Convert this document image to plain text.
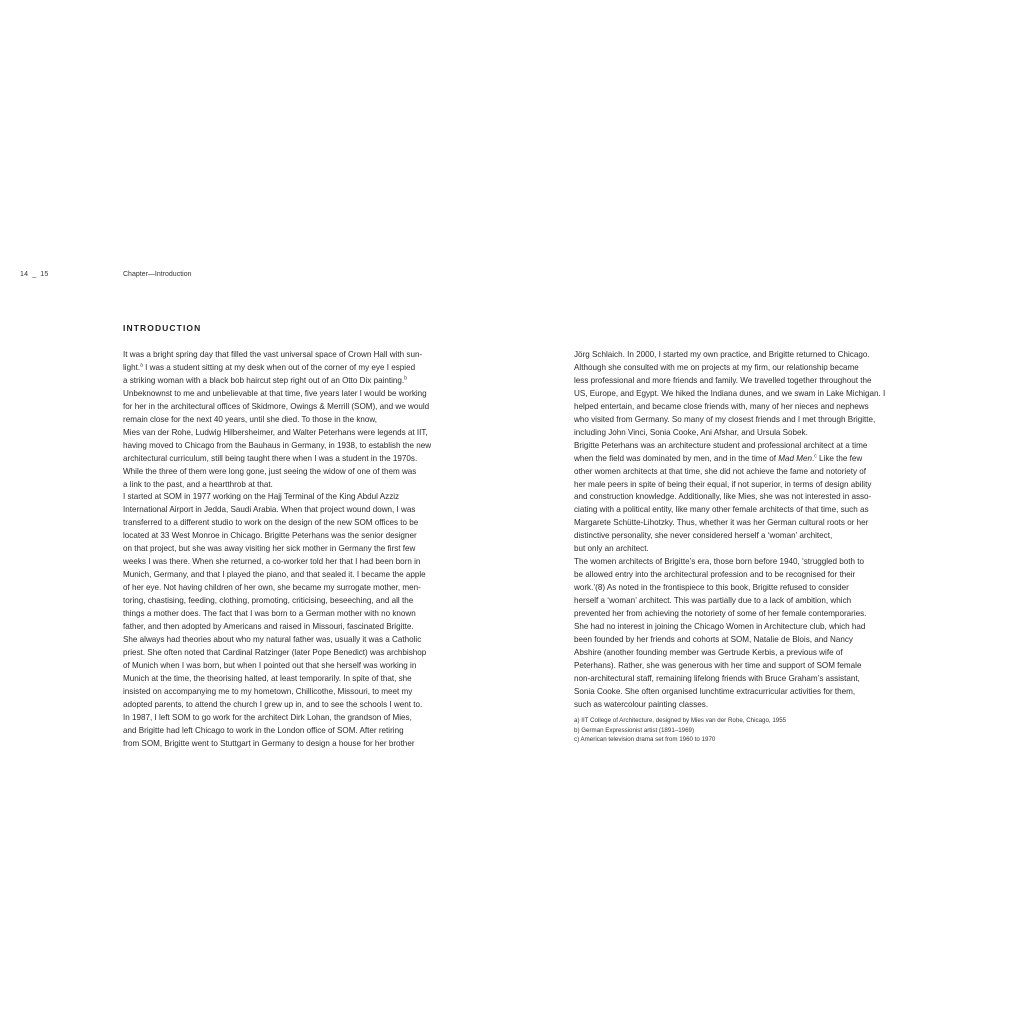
14 _ 15	Chapter—Introduction
INTRODUCTION
It was a bright spring day that filled the vast universal space of Crown Hall with sun-
light.$^a$ I was a student sitting at my desk when out of the corner of my eye I espied
a striking woman with a black bob haircut step right out of an Otto Dix painting.$^b$
Unbeknownst to me and unbelievable at that time, five years later I would be working
for her in the architectural offices of Skidmore, Owings & Merrill (SOM), and we would
remain close for the next 40 years, until she died. To those in the know,
Mies van der Rohe, Ludwig Hilbersheimer, and Walter Peterhans were legends at IIT,
having moved to Chicago from the Bauhaus in Germany, in 1938, to establish the new
architectural curriculum, still being taught there when I was a student in the 1970s.
While the three of them were long gone, just seeing the widow of one of them was
a link to the past, and a heartthrob at that.
I started at SOM in 1977 working on the Hajj Terminal of the King Abdul Azziz
International Airport in Jedda, Saudi Arabia. When that project wound down, I was
transferred to a different studio to work on the design of the new SOM offices to be
located at 33 West Monroe in Chicago. Brigitte Peterhans was the senior designer
on that project, but she was away visiting her sick mother in Germany the first few
weeks I was there. When she returned, a co-worker told her that I had been born in
Munich, Germany, and that I played the piano, and that sealed it. I became the apple
of her eye. Not having children of her own, she became my surrogate mother, men-
toring, chastising, feeding, clothing, promoting, criticising, beseeching, and all the
things a mother does. The fact that I was born to a German mother with no known
father, and then adopted by Americans and raised in Missouri, fascinated Brigitte.
She always had theories about who my natural father was, usually it was a Catholic
priest. She often noted that Cardinal Ratzinger (later Pope Benedict) was archbishop
of Munich when I was born, but when I pointed out that she herself was working in
Munich at the time, the theorising halted, at least temporarily. In spite of that, she
insisted on accompanying me to my hometown, Chillicothe, Missouri, to meet my
adopted parents, to attend the church I grew up in, and to see the schools I went to.
In 1987, I left SOM to go work for the architect Dirk Lohan, the grandson of Mies,
and Brigitte had left Chicago to work in the London office of SOM. After retiring
from SOM, Brigitte went to Stuttgart in Germany to design a house for her brother
Jörg Schlaich. In 2000, I started my own practice, and Brigitte returned to Chicago.
Although she consulted with me on projects at my firm, our relationship became
less professional and more friends and family. We travelled together throughout the
US, Europe, and Egypt. We hiked the Indiana dunes, and we swam in Lake Michigan. I
helped entertain, and became close friends with, many of her nieces and nephews
who visited from Germany. So many of my closest friends and I met through Brigitte,
including John Vinci, Sonia Cooke, Ani Afshar, and Ursula Sobek.
Brigitte Peterhans was an architecture student and professional architect at a time
when the field was dominated by men, and in the time of Mad Men.$^c$ Like the few
other women architects at that time, she did not achieve the fame and notoriety of
her male peers in spite of being their equal, if not superior, in terms of design ability
and construction knowledge. Additionally, like Mies, she was not interested in asso-
ciating with a political entity, like many other female architects of that time, such as
Margarete Schütte-Lihotzky. Thus, whether it was her German cultural roots or her
distinctive personality, she never considered herself a ‘woman’ architect,
but only an architect.
The women architects of Brigitte’s era, those born before 1940, ‘struggled both to
be allowed entry into the architectural profession and to be recognised for their
work.’(8) As noted in the frontispiece to this book, Brigitte refused to consider
herself a ‘woman’ architect. This was partially due to a lack of ambition, which
prevented her from achieving the notoriety of some of her female contemporaries.
She had no interest in joining the Chicago Women in Architecture club, which had
been founded by her friends and cohorts at SOM, Natalie de Blois, and Nancy
Abshire (another founding member was Gertrude Kerbis, a previous wife of
Peterhans). Rather, she was generous with her time and support of SOM female
non-architectural staff, remaining lifelong friends with Bruce Graham’s assistant,
Sonia Cooke. She often organised lunchtime extracurricular activities for them,
such as watercolour painting classes.
a) IIT College of Architecture, designed by Mies van der Rohe, Chicago, 1955
b) German Expressionist artist (1891–1969)
c) American television drama set from 1960 to 1970
